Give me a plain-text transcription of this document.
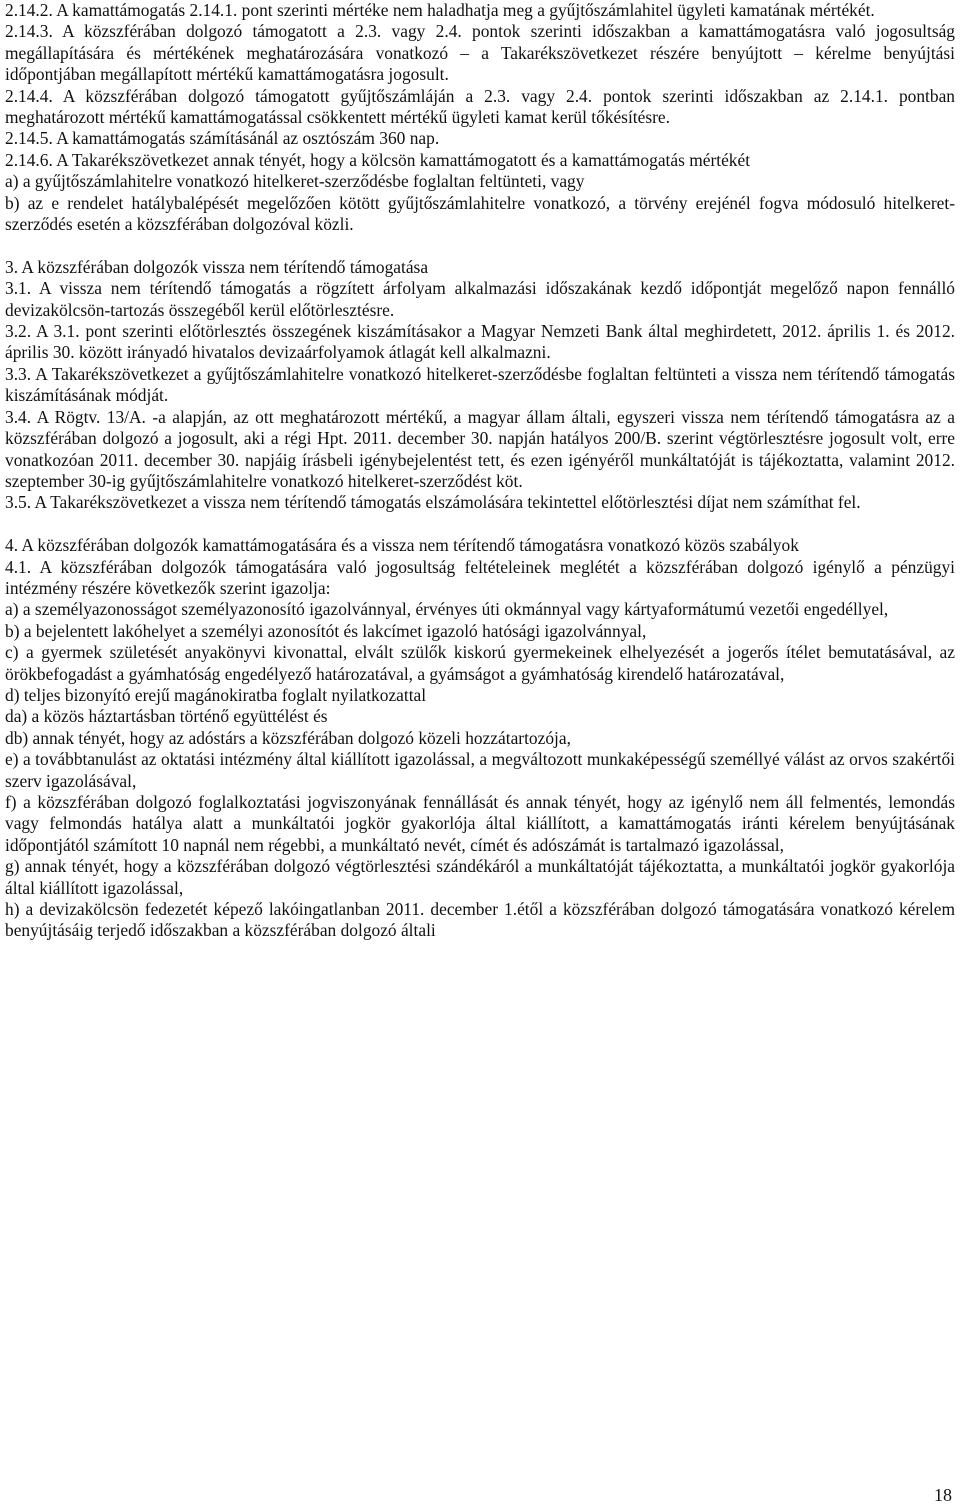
2.14.2. A kamattámogatás 2.14.1. pont szerinti mértéke nem haladhatja meg a gyűjtőszámlahitel ügyleti kamatának mértékét.

2.14.3. A közszférában dolgozó támogatott a 2.3. vagy 2.4. pontok szerinti időszakban a kamattámogatásra való jogosultság megállapítására és mértékének meghatározására vonatkozó – a Takarékszövetkezet részére benyújtott – kérelme benyújtási időpontjában megállapított mértékű kamattámogatásra jogosult.

2.14.4. A közszférában dolgozó támogatott gyűjtőszámláján a 2.3. vagy 2.4. pontok szerinti időszakban az 2.14.1. pontban meghatározott mértékű kamattámogatással csökkentett mértékű ügyleti kamat kerül tőkésítésre.

2.14.5. A kamattámogatás számításánál az osztószám 360 nap.

2.14.6. A Takarékszövetkezet annak tényét, hogy a kölcsön kamattámogatott és a kamattámogatás mértékét

a) a gyűjtőszámlahitelre vonatkozó hitelkeret-szerződésbe foglaltan feltünteti, vagy

b) az e rendelet hatálybalépését megelőzően kötött gyűjtőszámlahitelre vonatkozó, a törvény erejénél fogva módosuló hitelkeret-szerződés esetén a közszférában dolgozóval közli.

3. A közszférában dolgozók vissza nem térítendő támogatása

3.1. A vissza nem térítendő támogatás a rögzített árfolyam alkalmazási időszakának kezdő időpontját megelőző napon fennálló devizakölcsön-tartozás összegéből kerül előtörlesztésre.

3.2. A 3.1. pont szerinti előtörlesztés összegének kiszámításakor a Magyar Nemzeti Bank által meghirdetett, 2012. április 1. és 2012. április 30. között irányadó hivatalos devizaárfolyamok átlagát kell alkalmazni.

3.3. A Takarékszövetkezet a gyűjtőszámlahitelre vonatkozó hitelkeret-szerződésbe foglaltan feltünteti a vissza nem térítendő támogatás kiszámításának módját.

3.4. A Rögtv. 13/A. -a alapján, az ott meghatározott mértékű, a magyar állam általi, egyszeri vissza nem térítendő támogatásra az a közszférában dolgozó a jogosult, aki a régi Hpt. 2011. december 30. napján hatályos 200/B. szerint végtörlesztésre jogosult volt, erre vonatkozóan 2011. december 30. napjáig írásbeli igénybejelentést tett, és ezen igényéről munkáltatóját is tájékoztatta, valamint 2012. szeptember 30-ig gyűjtőszámlahitelre vonatkozó hitelkeret-szerződést köt.

3.5. A Takarékszövetkezet a vissza nem térítendő támogatás elszámolására tekintettel előtörlesztési díjat nem számíthat fel.

4. A közszférában dolgozók kamattámogatására és a vissza nem térítendő támogatásra vonatkozó közös szabályok

4.1. A közszférában dolgozók támogatására való jogosultság feltételeinek meglétét a közszférában dolgozó igénylő a pénzügyi intézmény részére következők szerint igazolja:

a) a személyazonosságot személyazonosító igazolvánnyal, érvényes úti okmánnyal vagy kártyaformátumú vezetői engedéllyel,

b) a bejelentett lakóhelyet a személyi azonosítót és lakcímet igazoló hatósági igazolvánnyal,

c) a gyermek születését anyakönyvi kivonattal, elvált szülők kiskorú gyermekeinek elhelyezését a jogerős ítélet bemutatásával, az örökbefogadást a gyámhatóság engedélyező határozatával, a gyámságot a gyámhatóság kirendelő határozatával,

d) teljes bizonyító erejű magánokiratba foglalt nyilatkozattal

da) a közös háztartásban történő együttélést és

db) annak tényét, hogy az adóstárs a közszférában dolgozó közeli hozzátartozója,

e) a továbbtanulást az oktatási intézmény által kiállított igazolással, a megváltozott munkaképességű személlyé válást az orvos szakértői szerv igazolásával,

f) a közszférában dolgozó foglalkoztatási jogviszonyának fennállását és annak tényét, hogy az igénylő nem áll felmentés, lemondás vagy felmondás hatálya alatt a munkáltatói jogkör gyakorlója által kiállított, a kamattámogatás iránti kérelem benyújtásának időpontjától számított 10 napnál nem régebbi, a munkáltató nevét, címét és adószámát is tartalmazó igazolással,

g) annak tényét, hogy a közszférában dolgozó végtörlesztési szándékáról a munkáltatóját tájékoztatta, a munkáltatói jogkör gyakorlója által kiállított igazolással,

h) a devizakölcsön fedezetét képező lakóingatlanban 2011. december 1.étől a közszférában dolgozó támogatására vonatkozó kérelem benyújtásáig terjedő időszakban a közszférában dolgozó általi

18
